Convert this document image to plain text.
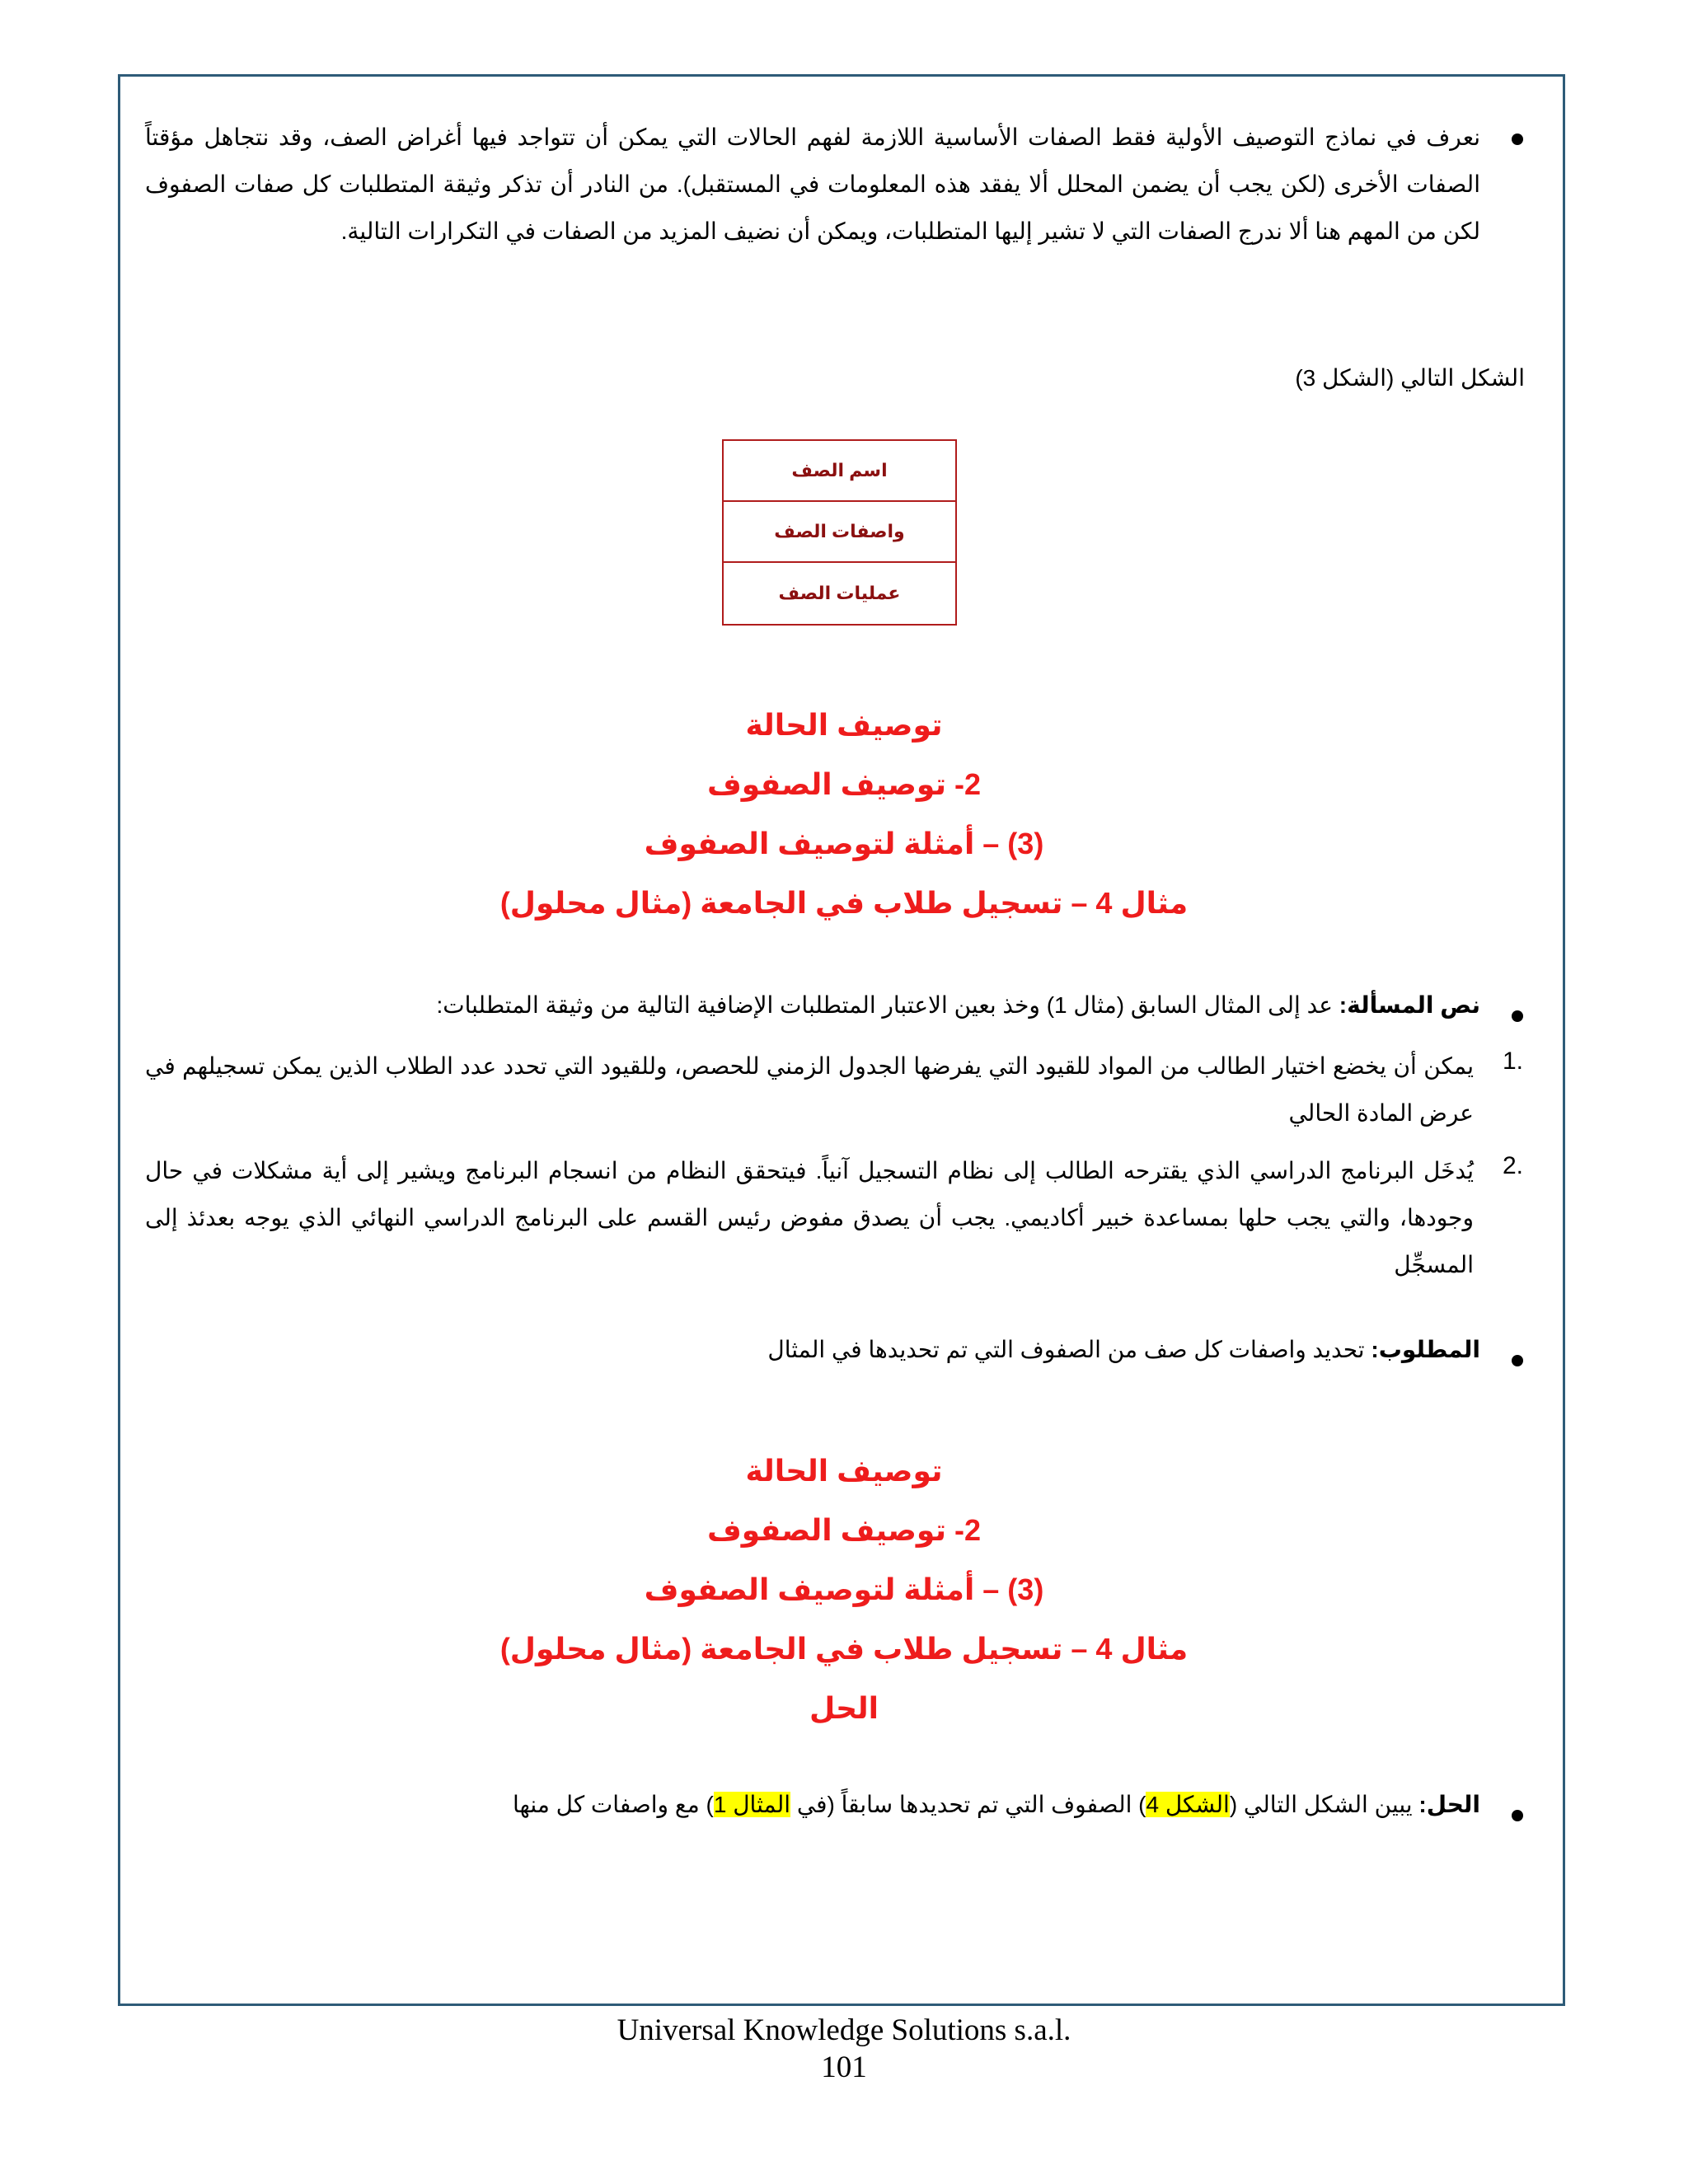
نعرف في نماذج التوصيف الأولية فقط الصفات الأساسية اللازمة لفهم الحالات التي يمكن أن تتواجد فيها أغراض الصف، وقد نتجاهل مؤقتاً الصفات الأخرى (لكن يجب أن يضمن المحلل ألا يفقد هذه المعلومات في المستقبل). من النادر أن تذكر وثيقة المتطلبات كل صفات الصفوف لكن من المهم هنا ألا ندرج الصفات التي لا تشير إليها المتطلبات، ويمكن أن نضيف المزيد من الصفات في التكرارات التالية.
الشكل التالي (الشكل 3)
اسم الصف
واصفات الصف
عمليات الصف
توصيف الحالة
2- توصيف الصفوف
(3) – أمثلة لتوصيف الصفوف
مثال 4 – تسجيل طلاب في الجامعة (مثال محلول)
نص المسألة: عد إلى المثال السابق (مثال 1) وخذ بعين الاعتبار المتطلبات الإضافية التالية من وثيقة المتطلبات:
1.
يمكن أن يخضع اختيار الطالب من المواد للقيود التي يفرضها الجدول الزمني للحصص، وللقيود التي تحدد عدد الطلاب الذين يمكن تسجيلهم في عرض المادة الحالي
2.
يُدخَل البرنامج الدراسي الذي يقترحه الطالب إلى نظام التسجيل آنياً. فيتحقق النظام من انسجام البرنامج ويشير إلى أية مشكلات في حال وجودها، والتي يجب حلها بمساعدة خبير أكاديمي. يجب أن يصدق مفوض رئيس القسم على البرنامج الدراسي النهائي الذي يوجه بعدئذ إلى المسجِّل
المطلوب: تحديد واصفات كل صف من الصفوف التي تم تحديدها في المثال
توصيف الحالة
2- توصيف الصفوف
(3) – أمثلة لتوصيف الصفوف
مثال 4 – تسجيل طلاب في الجامعة (مثال محلول)
الحل
الحل: يبين الشكل التالي (الشكل 4) الصفوف التي تم تحديدها سابقاً (في المثال 1) مع واصفات كل منها
Universal Knowledge Solutions s.a.l.
101
